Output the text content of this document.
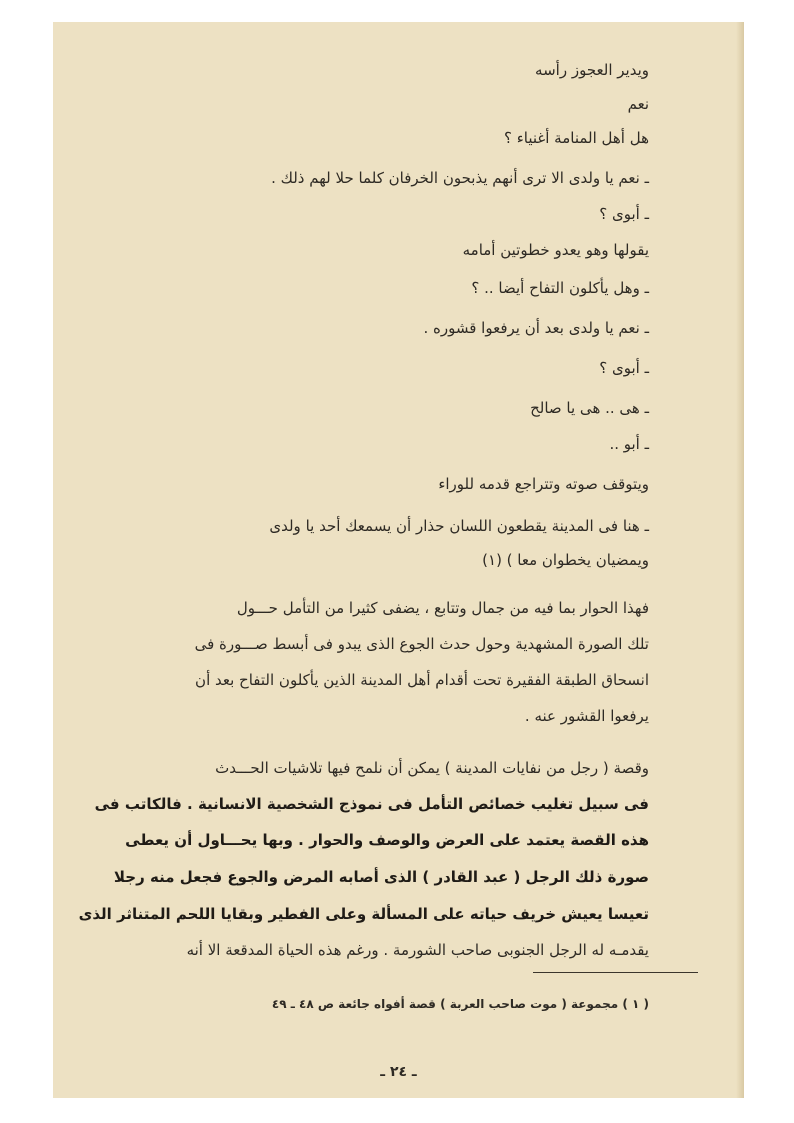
ويدير العجوز رأسه
نعم
هل أهل المنامة أغنياء ؟
ـ نعم يا ولدى الا ترى أنهم يذبحون الخرفان كلما حلا لهم ذلك .
ـ أبوى ؟
يقولها وهو يعدو خطوتين أمامه
ـ وهل يأكلون التفاح أيضا .. ؟
ـ نعم يا ولدى بعد أن يرفعوا قشوره .
ـ أبوى ؟
ـ هى .. هى يا صالح
ـ أبو ..
ويتوقف صوته وتتراجع قدمه للوراء
ـ هنا فى المدينة يقطعون اللسان حذار أن يسمعك أحد يا ولدى
ويمضيان يخطوان معا ) (١)
فهذا الحوار بما فيه من جمال وتتابع ، يضفى كثيرا من التأمل حـــول
تلك الصورة المشهدية وحول حدث الجوع الذى يبدو فى أبسط صـــورة فى
انسحاق الطبقة الفقيرة تحت أقدام أهل المدينة الذين يأكلون التفاح بعد أن
يرفعوا القشور عنه .
وقصة ( رجل من نفايات المدينة ) يمكن أن نلمح فيها تلاشيات الحـــدث
فى سبيل تغليب خصائص التأمل فى نموذج الشخصية الانسانية . فالكاتب فى
هذه القصة يعتمد على العرض والوصف والحوار . وبها يحـــاول أن يعطى
صورة ذلك الرجل ( عبد القادر ) الذى أصابه المرض والجوع فجعل منه رجلا
تعيسا يعيش خريف حياته على المسألة وعلى الفطير وبقايا اللحم المتناثر الذى
يقدمـه له الرجل الجنوبى صاحب الشورمة . ورغم هذه الحياة المدقعة الا أنه
( ١ ) مجموعة ( موت صاحب العربة ) قصة أفواه جائعة ص ٤٨ ـ ٤٩
ـ ٢٤ ـ
